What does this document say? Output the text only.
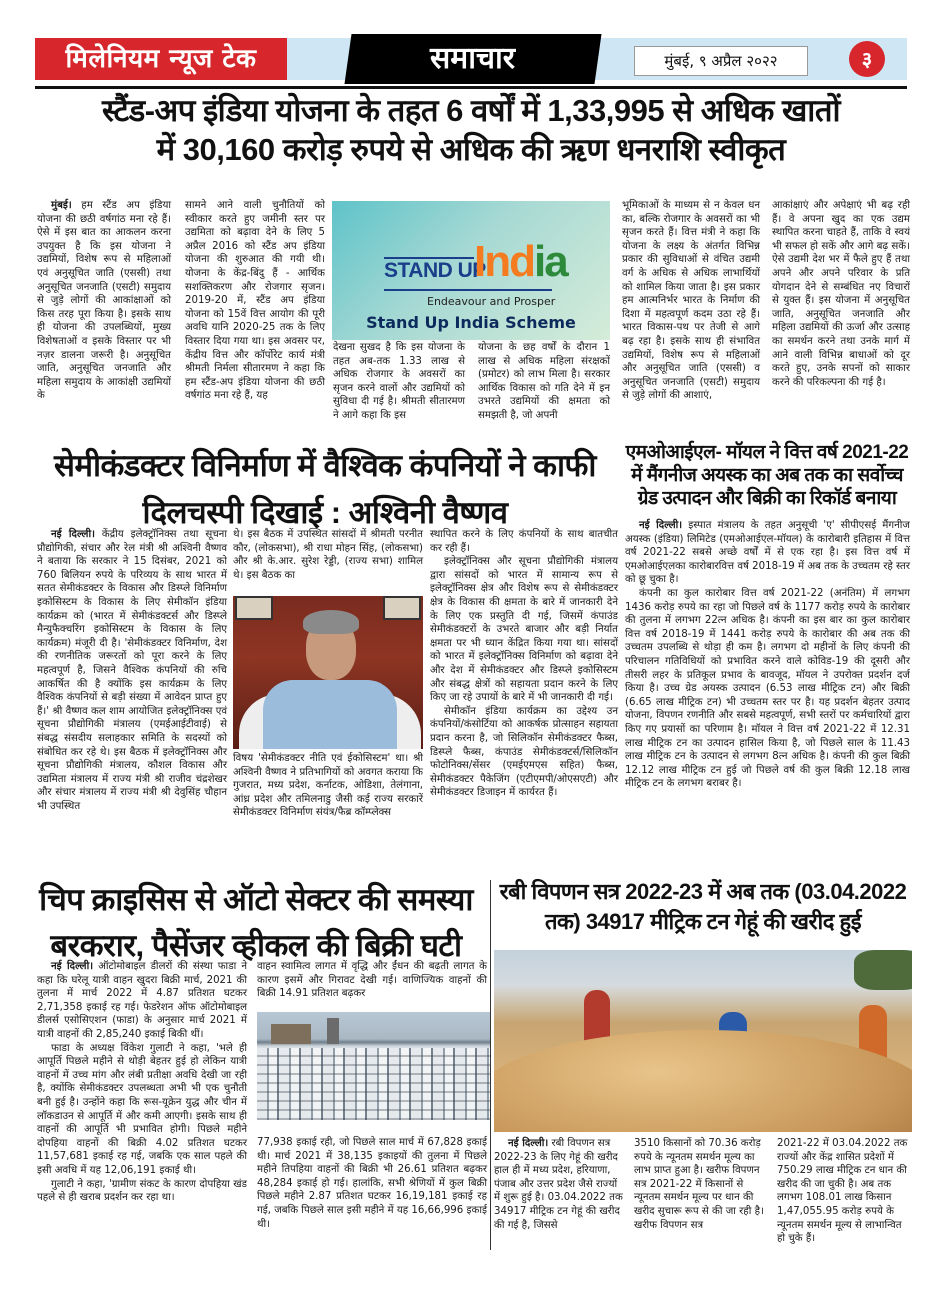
मिलेनियम न्यूज टेक	समाचार	मुंबई, ९ अप्रैल २०२२	३
स्टैंड-अप इंडिया योजना के तहत 6 वर्षों में 1,33,995 से अधिक खातों
में 30,160 करोड़ रुपये से अधिक की ऋण धनराशि स्वीकृत

मुंबई। हम स्टैंड अप इंडिया योजना की छठी वर्षगांठ मना रहे हैं। ऐसे में इस बात का आकलन करना उपयुक्त है कि इस योजना ने उद्यमियों, विशेष रूप से महिलाओं एवं अनुसूचित जाति (एससी) तथा अनुसूचित जनजाति (एसटी) समुदाय से जुड़े लोगों की आकांक्षाओं को किस तरह पूरा किया है। इसके साथ ही योजना की उपलब्धियों, मुख्य विशेषताओं व इसके विस्तार पर भी नज़र डालना जरूरी है। अनुसूचित जाति, अनुसूचित जनजाति और महिला समुदाय के आकांक्षी उद्यमियों के

सामने आने वाली चुनौतियों को स्वीकार करते हुए जमीनी स्तर पर उद्यमिता को बढ़ावा देने के लिए 5 अप्रैल 2016 को स्टैंड अप इंडिया योजना की शुरुआत की गयी थी। योजना के केंद्र-बिंदु हैं - आर्थिक सशक्तिकरण और रोजगार सृजन। 2019-20 में, स्टैंड अप इंडिया योजना को 15वें वित्त आयोग की पूरी अवधि यानि 2020-25 तक के लिए विस्तार दिया गया था। इस अवसर पर, केंद्रीय वित्त और कॉर्पोरेट कार्य मंत्री श्रीमती निर्मला सीतारमण ने कहा कि हम स्टैंड-अप इंडिया योजना की छठी वर्षगांठ मना रहे हैं, यह

STAND UP
India
Endeavour and Prosper
Stand Up India Scheme

देखना सुखद है कि इस योजना के तहत अब-तक 1.33 लाख से अधिक रोजगार के अवसरों का सृजन करने वालों और उद्यमियों को सुविधा दी गई है। श्रीमती सीतारमण ने आगे कहा कि इस

योजना के छह वर्षों के दौरान 1 लाख से अधिक महिला संरक्षकों (प्रमोटर) को लाभ मिला है। सरकार आर्थिक विकास को गति देने में इन उभरते उद्यमियों की क्षमता को समझती है, जो अपनी

भूमिकाओं के माध्यम से न केवल धन का, बल्कि रोजगार के अवसरों का भी सृजन करते हैं। वित्त मंत्री ने कहा कि योजना के लक्ष्य के अंतर्गत विभिन्न प्रकार की सुविधाओं से वंचित उद्यमी वर्ग के अधिक से अधिक लाभार्थियों को शामिल किया जाता है। इस प्रकार हम आत्मनिर्भर भारत के निर्माण की दिशा में महत्वपूर्ण कदम उठा रहे हैं। भारत विकास-पथ पर तेजी से आगे बढ़ रहा है। इसके साथ ही संभावित उद्यमियों, विशेष रूप से महिलाओं और अनुसूचित जाति (एससी) व अनुसूचित जनजाति (एसटी) समुदाय से जुड़े लोगों की आशाएं,

आकांक्षाएं और अपेक्षाएं भी बढ़ रही हैं। वे अपना खुद का एक उद्यम स्थापित करना चाहते हैं, ताकि वे स्वयं भी सफल हो सकें और आगे बढ़ सकें। ऐसे उद्यमी देश भर में फैले हुए हैं तथा अपने और अपने परिवार के प्रति योगदान देने से सम्बंधित नए विचारों से युक्त हैं। इस योजना में अनुसूचित जाति, अनुसूचित जनजाति और महिला उद्यमियों की ऊर्जा और उत्साह का समर्थन करने तथा उनके मार्ग में आने वाली विभिन्न बाधाओं को दूर करते हुए, उनके सपनों को साकार करने की परिकल्पना की गई है।

सेमीकंडक्टर विनिर्माण में वैश्विक कंपनियों ने काफी
दिलचस्पी दिखाई : अश्विनी वैष्णव

नई दिल्ली। केंद्रीय इलेक्ट्रॉनिक्स तथा सूचना प्रौद्योगिकी, संचार और रेल मंत्री श्री अश्विनी वैष्णव ने बताया कि सरकार ने 15 दिसंबर, 2021 को 760 बिलियन रुपये के परिव्यय के साथ भारत में सतत सेमीकंडक्टर के विकास और डिस्प्ले विनिर्माण इकोसिस्टम के विकास के लिए सेमीकॉन इंडिया कार्यक्रम को (भारत में सेमीकंडक्टर्स और डिस्प्ले मैन्युफैक्चरिंग इकोसिस्टम के विकास के लिए कार्यक्रम) मंजूरी दी है। 'सेमीकंडक्टर विनिर्माण, देश की रणनीतिक जरूरतों को पूरा करने के लिए महत्वपूर्ण है, जिसने वैश्विक कंपनियों की रुचि आकर्षित की है क्योंकि इस कार्यक्रम के लिए वैश्विक कंपनियों से बड़ी संख्या में आवेदन प्राप्त हुए हैं।' श्री वैष्णव कल शाम आयोजित इलेक्ट्रॉनिक्स एवं सूचना प्रौद्योगिकी मंत्रालय (एमईआईटीवाई) से संबद्ध संसदीय सलाहकार समिति के सदस्यों को संबोधित कर रहे थे। इस बैठक में इलेक्ट्रॉनिक्स और सूचना प्रौद्योगिकी मंत्रालय, कौशल विकास और उद्यमिता मंत्रालय में राज्य मंत्री श्री राजीव चंद्रशेखर और संचार मंत्रालय में राज्य मंत्री श्री देवुसिंह चौहान भी उपस्थित

थे। इस बैठक में उपस्थित सांसदों में श्रीमती परनीत कौर, (लोकसभा), श्री राधा मोहन सिंह, (लोकसभा) और श्री के.आर. सुरेश रेड्डी, (राज्य सभा) शामिल थे। इस बैठक का

विषय 'सेमीकंडक्टर नीति एवं ईकोसिस्टम' था। श्री अश्विनी वैष्णव ने प्रतिभागियों को अवगत कराया कि गुजरात, मध्य प्रदेश, कर्नाटक, ओडिशा, तेलंगाना, आंध्र प्रदेश और तमिलनाडु जैसी कई राज्य सरकारें सेमीकंडक्टर विनिर्माण संयंत्र/फैब्र कॉम्प्लेक्स

स्थापित करने के लिए कंपनियों के साथ बातचीत कर रही हैं।

इलेक्ट्रॉनिक्स और सूचना प्रौद्योगिकी मंत्रालय द्वारा सांसदों को भारत में सामान्य रूप से इलेक्ट्रॉनिक्स क्षेत्र और विशेष रूप से सेमीकंडक्टर क्षेत्र के विकास की क्षमता के बारे में जानकारी देने के लिए एक प्रस्तुति दी गई, जिसमें कंपाउंड सेमीकंडक्टरों के उभरते बाजार और बड़ी निर्यात क्षमता पर भी ध्यान केंद्रित किया गया था। सांसदों को भारत में इलेक्ट्रॉनिक्स विनिर्माण को बढ़ावा देने और देश में सेमीकंडक्टर और डिस्प्ले इकोसिस्टम और संबद्ध क्षेत्रों को सहायता प्रदान करने के लिए किए जा रहे उपायों के बारे में भी जानकारी दी गई।

सेमीकॉन इंडिया कार्यक्रम का उद्देश्य उन कंपनियों/कंसोर्टिया को आकर्षक प्रोत्साहन सहायता प्रदान करना है, जो सिलिकॉन सेमीकंडक्टर फैब्स, डिस्प्ले फैब्स, कंपाउंड सेमीकंडक्टर्स/सिलिकॉन फोटोनिक्स/सेंसर (एमईएमएस सहित) फैब्स, सेमीकंडक्टर पैकेजिंग (एटीएमपी/ओएसएटी) और सेमीकंडक्टर डिजाइन में कार्यरत हैं।

एमओआईएल- मॉयल ने वित्त वर्ष 2021-22
में मैंगनीज अयस्क का अब तक का सर्वोच्च
ग्रेड उत्पादन और बिक्री का रिकॉर्ड बनाया

नई दिल्ली। इस्पात मंत्रालय के तहत अनुसूची 'ए' सीपीएसई मैंगनीज अयस्क (इंडिया) लिमिटेड (एमओआईएल-मॉयल) के कारोबारी इतिहास में वित्त वर्ष 2021-22 सबसे अच्छे वर्षों में से एक रहा है। इस वित्त वर्ष में एमओआईएलका कारोबारवित्त वर्ष 2018-19 में अब तक के उच्चतम रहे स्तर को छू चुका है।

कंपनी का कुल कारोबार वित्त वर्ष 2021-22 (अनंतिम) में लगभग 1436 करोड़ रुपये का रहा जो पिछले वर्ष के 1177 करोड़ रुपये के कारोबार की तुलना में लगभग 22त्न अधिक है। कंपनी का इस बार का कुल कारोबार वित्त वर्ष 2018-19 में 1441 करोड़ रुपये के कारोबार की अब तक की उच्चतम उपलब्धि से थोड़ा ही कम है। लगभग दो महीनों के लिए कंपनी की परिचालन गतिविधियों को प्रभावित करने वाले कोविड-19 की दूसरी और तीसरी लहर के प्रतिकूल प्रभाव के बावजूद, मॉयल ने उपरोक्त प्रदर्शन दर्ज किया है। उच्च ग्रेड अयस्क उत्पादन (6.53 लाख मीट्रिक टन) और बिक्री (6.65 लाख मीट्रिक टन) भी उच्चतम स्तर पर है। यह प्रदर्शन बेहतर उत्पाद योजना, विपणन रणनीति और सबसे महत्वपूर्ण, सभी स्तरों पर कर्मचारियों द्वारा किए गए प्रयासों का परिणाम है। मॉयल ने वित्त वर्ष 2021-22 में 12.31 लाख मीट्रिक टन का उत्पादन हासिल किया है, जो पिछले साल के 11.43 लाख मीट्रिक टन के उत्पादन से लगभग 8त्न अधिक है। कंपनी की कुल बिक्री 12.12 लाख मीट्रिक टन हुई जो पिछले वर्ष की कुल बिक्री 12.18 लाख मीट्रिक टन के लगभग बराबर है।

चिप क्राइसिस से ऑटो सेक्टर की समस्या
बरकरार, पैसेंजर व्हीकल की बिक्री घटी

नई दिल्ली। ऑटोमोबाइल डीलरों की संस्था फाडा ने कहा कि घरेलू यात्री वाहन खुदरा बिक्री मार्च, 2021 की तुलना में मार्च 2022 में 4.87 प्रतिशत घटकर 2,71,358 इकाई रह गई। फेडरेशन ऑफ ऑटोमोबाइल डीलर्स एसोसिएशन (फाडा) के अनुसार मार्च 2021 में यात्री वाहनों की 2,85,240 इकाई बिकी थीं।

फाडा के अध्यक्ष विंकेश गुलाटी ने कहा, 'भले ही आपूर्ति पिछले महीने से थोड़ी बेहतर हुई हो लेकिन यात्री वाहनों में उच्च मांग और लंबी प्रतीक्षा अवधि देखी जा रही है, क्योंकि सेमीकंडक्टर उपलब्धता अभी भी एक चुनौती बनी हुई है। उन्होंने कहा कि रूस-यूक्रेन युद्ध और चीन में लॉकडाउन से आपूर्ति में और कमी आएगी। इसके साथ ही वाहनों की आपूर्ति भी प्रभावित होगी। पिछले महीने दोपहिया वाहनों की बिक्री 4.02 प्रतिशत घटकर 11,57,681 इकाई रह गई, जबकि एक साल पहले की इसी अवधि में यह 12,06,191 इकाई थी।

गुलाटी ने कहा, 'ग्रामीण संकट के कारण दोपहिया खंड पहले से ही खराब प्रदर्शन कर रहा था।

वाहन स्वामित्व लागत में वृद्धि और ईंधन की बढ़ती लागत के कारण इसमें और गिरावट देखी गई। वाणिज्यिक वाहनों की बिक्री 14.91 प्रतिशत बढ़कर

77,938 इकाई रही, जो पिछले साल मार्च में 67,828 इकाई थी। मार्च 2021 में 38,135 इकाइयों की तुलना में पिछले महीने तिपहिया वाहनों की बिक्री भी 26.61 प्रतिशत बढ़कर 48,284 इकाई हो गई। हालांकि, सभी श्रेणियों में कुल बिक्री पिछले महीने 2.87 प्रतिशत घटकर 16,19,181 इकाई रह गई, जबकि पिछले साल इसी महीने में यह 16,66,996 इकाई थी।

रबी विपणन सत्र 2022-23 में अब तक (03.04.2022
तक) 34917 मीट्रिक टन गेहूं की खरीद हुई

नई दिल्ली। रबी विपणन सत्र 2022-23 के लिए गेहूं की खरीद हाल ही में मध्य प्रदेश, हरियाणा, पंजाब और उत्तर प्रदेश जैसे राज्यों में शुरू हुई है। 03.04.2022 तक 34917 मीट्रिक टन गेहूं की खरीद की गई है, जिससे

3510 किसानों को 70.36 करोड़ रुपये के न्यूनतम समर्थन मूल्य का लाभ प्राप्त हुआ है। खरीफ विपणन सत्र 2021-22 में किसानों से न्यूनतम समर्थन मूल्य पर धान की खरीद सुचारू रूप से की जा रही है। खरीफ विपणन सत्र

2021-22 में 03.04.2022 तक राज्यों और केंद्र शासित प्रदेशों में 750.29 लाख मीट्रिक टन धान की खरीद की जा चुकी है। अब तक लगभग 108.01 लाख किसान 1,47,055.95 करोड़ रुपये के न्यूनतम समर्थन मूल्य से लाभान्वित हो चुके हैं।
